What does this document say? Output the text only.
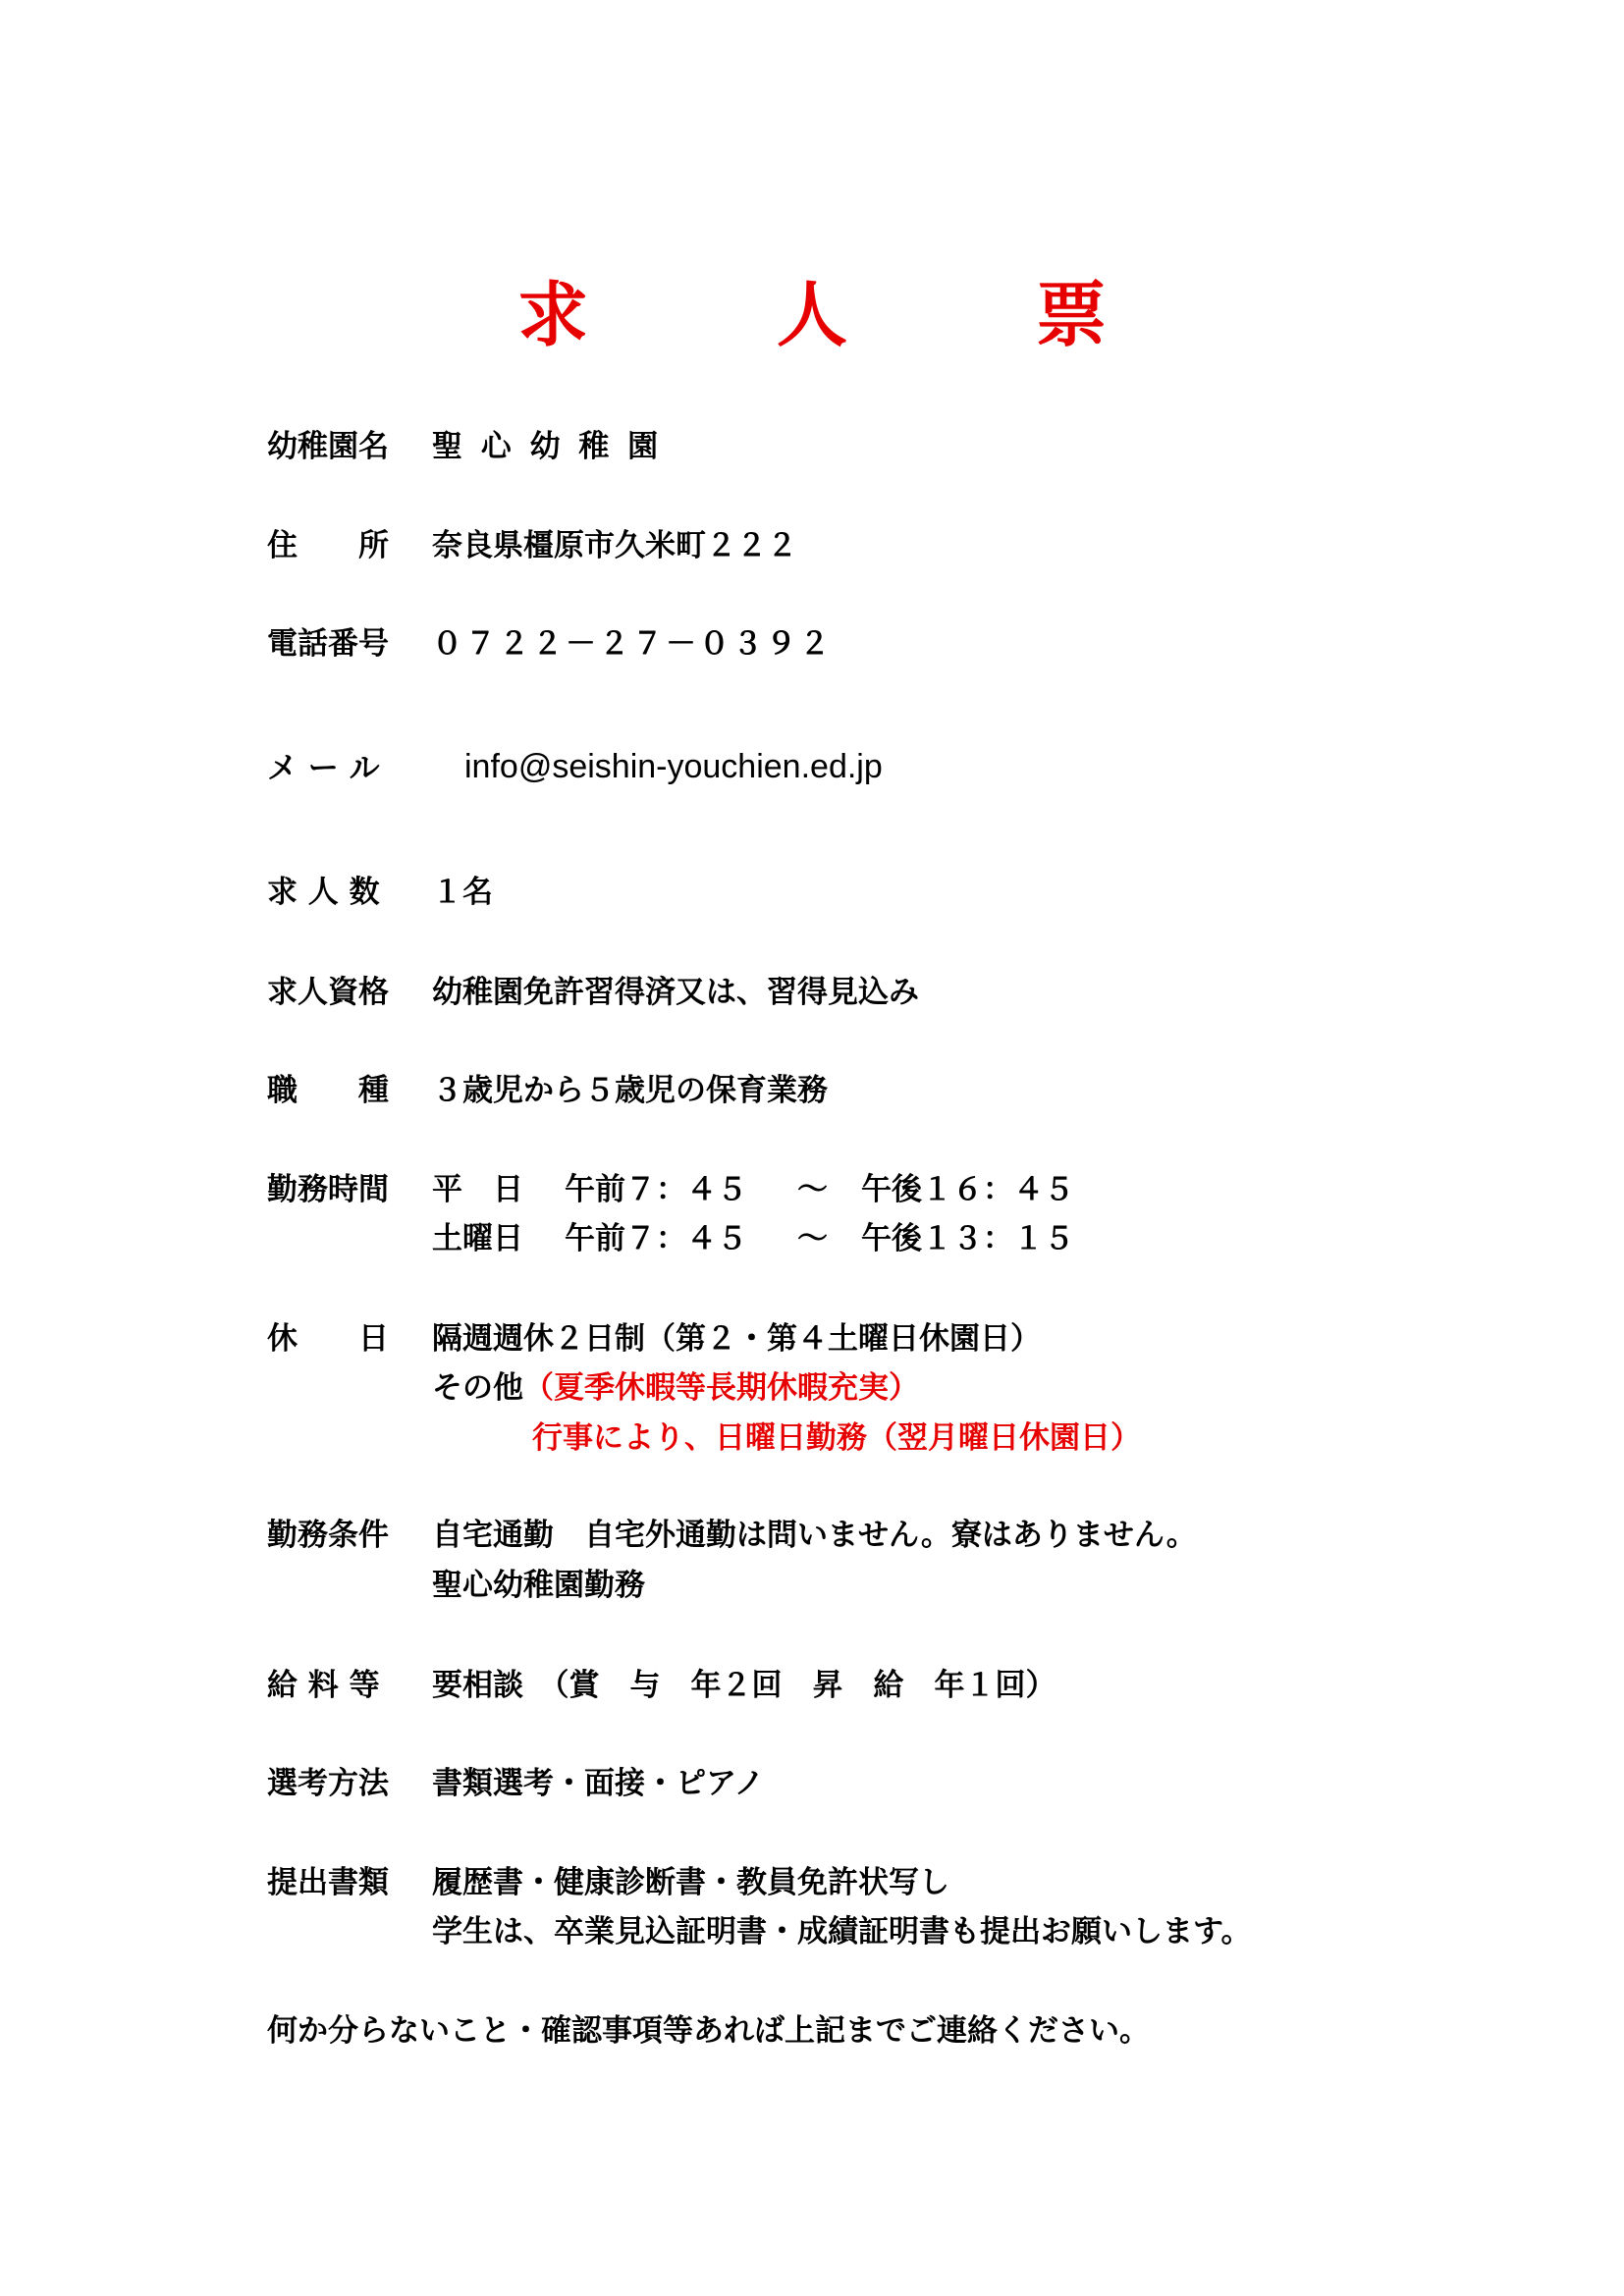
求　人　票
幼稚園名 聖 心 幼 稚 園
住　　所 奈良県橿原市久米町２２２
電話番号 ０７２２－２７－０３９２
メ ー ル	info@seishin-youchien.ed.jp
求 人 数 １名
求人資格 幼稚園免許習得済又は、習得見込み
職　　種 ３歳児から５歳児の保育業務
勤務時間 平　日 午前７：４５ ～ 午後１６：４５
土曜日 午前７：４５ ～ 午後１３：１５
休　　日 隔週週休２日制（第２・第４土曜日休園日）
その他（夏季休暇等長期休暇充実）
行事により、日曜日勤務（翌月曜日休園日）
勤務条件 自宅通勤　自宅外通勤は問いません。寮はありません。
聖心幼稚園勤務
給 料 等 要相談　（賞　与　年２回　昇　給　年１回）
選考方法 書類選考・面接・ピアノ
提出書類 履歴書・健康診断書・教員免許状写し
学生は、卒業見込証明書・成績証明書も提出お願いします。
何か分らないこと・確認事項等あれば上記までご連絡ください。
